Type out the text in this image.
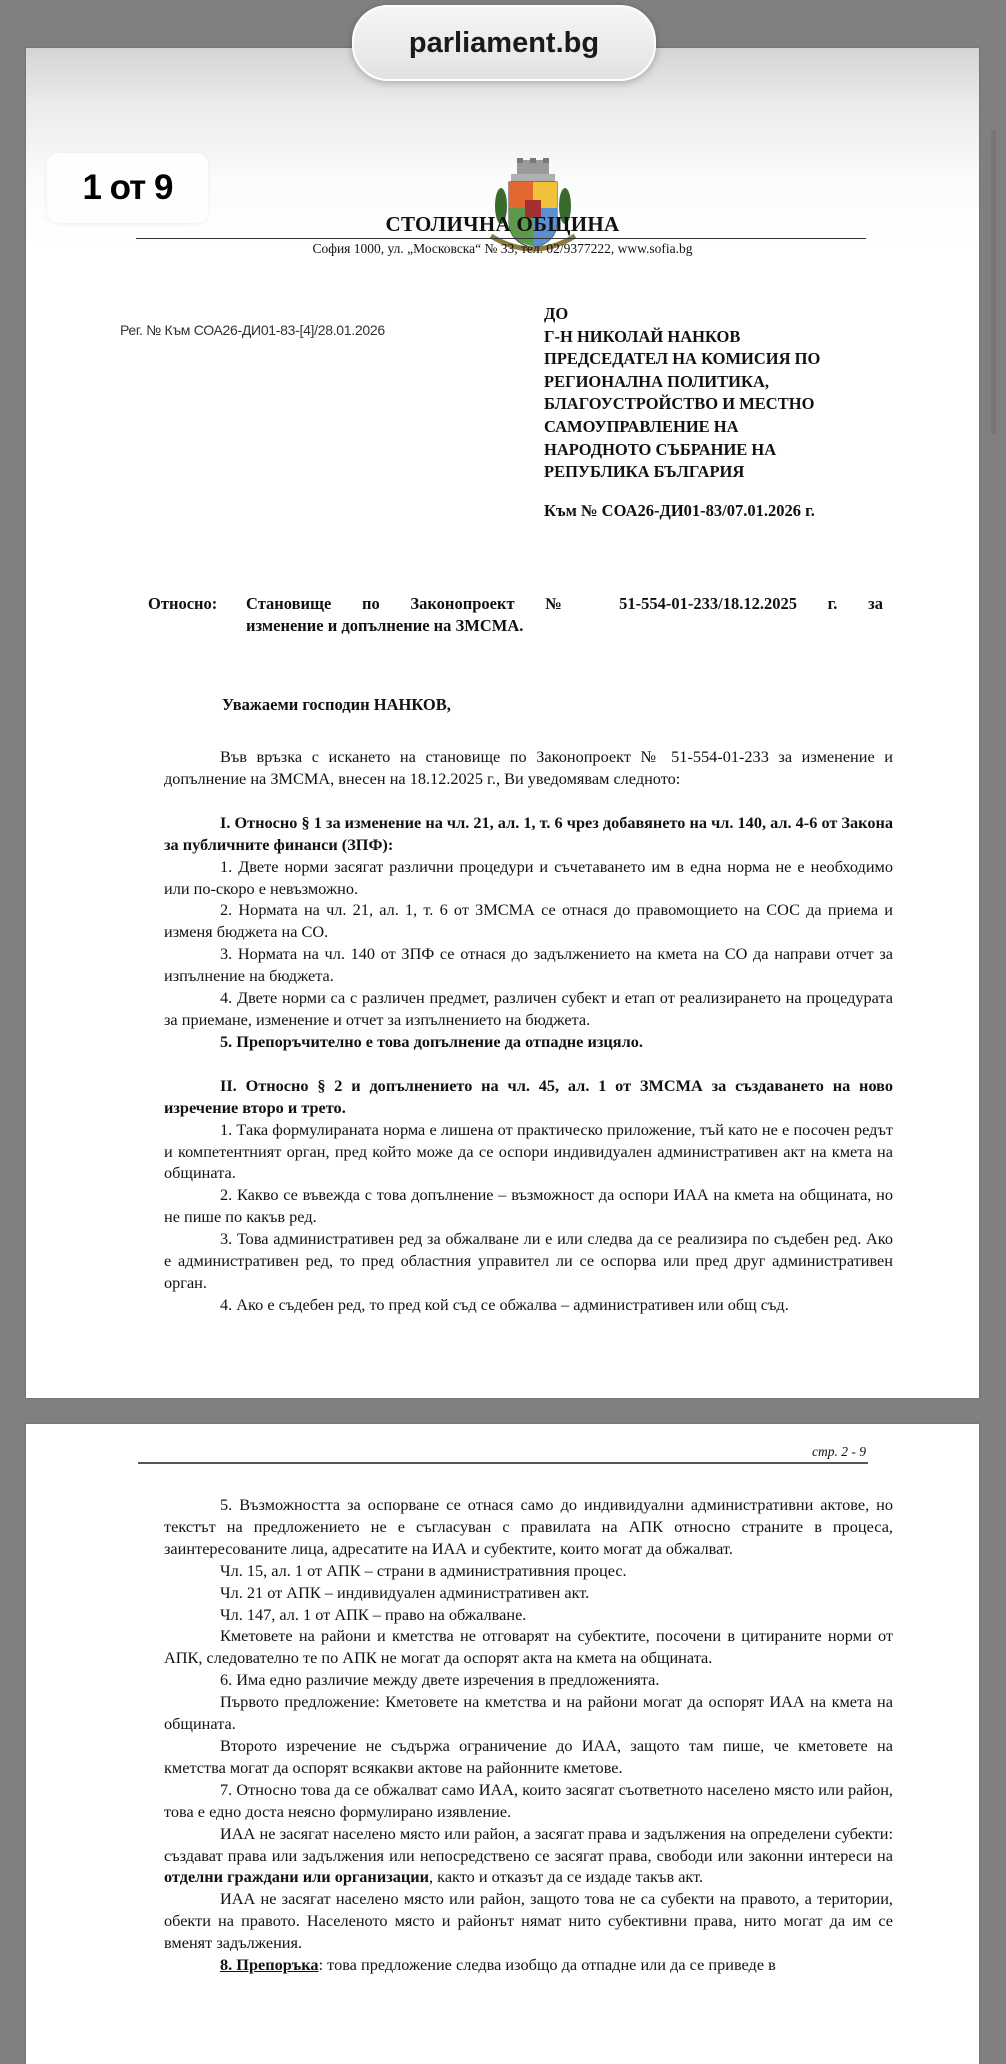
parliament.bg
1 от 9
СТОЛИЧНА ОБЩИНА
София 1000, ул. „Московска“ № 33, тел. 02/9377222, www.sofia.bg
Рег. № Към СОА26-ДИ01-83-[4]/28.01.2026
ДО
Г-Н НИКОЛАЙ НАНКОВ
ПРЕДСЕДАТЕЛ НА КОМИСИЯ ПО
РЕГИОНАЛНА ПОЛИТИКА,
БЛАГОУСТРОЙСТВО И МЕСТНО
САМОУПРАВЛЕНИЕ НА
НАРОДНОТО СЪБРАНИЕ НА
РЕПУБЛИКА БЪЛГАРИЯ
Към № СОА26-ДИ01-83/07.01.2026 г.
Относно: Становище по Законопроект № 51-554-01-233/18.12.2025 г. за
изменение и допълнение на ЗМСМА.
Уважаеми господин НАНКОВ,

Във връзка с искането на становище по Законопроект № 51-554-01-233 за изменение и допълнение на ЗМСМА, внесен на 18.12.2025 г., Ви уведомявам следното:

I. Относно § 1 за изменение на чл. 21, ал. 1, т. 6 чрез добавянето на чл. 140, ал. 4-6 от Закона за публичните финанси (ЗПФ):

1. Двете норми засягат различни процедури и съчетаването им в една норма не е необходимо или по-скоро е невъзможно.

2. Нормата на чл. 21, ал. 1, т. 6 от ЗМСМА се отнася до правомощието на СОС да приема и изменя бюджета на СО.

3. Нормата на чл. 140 от ЗПФ се отнася до задължението на кмета на СО да направи отчет за изпълнение на бюджета.

4. Двете норми са с различен предмет, различен субект и етап от реализирането на процедурата за приемане, изменение и отчет за изпълнението на бюджета.

5. Препоръчително е това допълнение да отпадне изцяло.

II. Относно § 2 и допълнението на чл. 45, ал. 1 от ЗМСМА за създаването на ново изречение второ и трето.

1. Така формулираната норма е лишена от практическо приложение, тъй като не е посочен редът и компетентният орган, пред който може да се оспори индивидуален административен акт на кмета на общината.

2. Какво се въвежда с това допълнение – възможност да оспори ИАА на кмета на общината, но не пише по какъв ред.

3. Това административен ред за обжалване ли е или следва да се реализира по съдебен ред. Ако е административен ред, то пред областния управител ли се оспорва или пред друг административен орган.

4. Ако е съдебен ред, то пред кой съд се обжалва – административен или общ съд.

стр. 2 - 9

5. Възможността за оспорване се отнася само до индивидуални административни актове, но текстът на предложението не е съгласуван с правилата на АПК относно страните в процеса, заинтересованите лица, адресатите на ИАА и субектите, които могат да обжалват.

Чл. 15, ал. 1 от АПК – страни в административния процес.

Чл. 21 от АПК – индивидуален административен акт.

Чл. 147, ал. 1 от АПК – право на обжалване.

Кметовете на райони и кметства не отговарят на субектите, посочени в цитираните норми от АПК, следователно те по АПК не могат да оспорят акта на кмета на общината.

6. Има едно различие между двете изречения в предложенията.

Първото предложение: Кметовете на кметства и на райони могат да оспорят ИАА на кмета на общината.

Второто изречение не съдържа ограничение до ИАА, защото там пише, че кметовете на кметства могат да оспорят всякакви актове на районните кметове.

7. Относно това да се обжалват само ИАА, които засягат съответното населено място или район, това е едно доста неясно формулирано изявление.

ИАА не засягат населено място или район, а засягат права и задължения на определени субекти: създават права или задължения или непосредствено се засягат права, свободи или законни интереси на отделни граждани или организации, както и отказът да се издаде такъв акт.

ИАА не засягат населено място или район, защото това не са субекти на правото, а територии, обекти на правото. Населеното място и районът нямат нито субективни права, нито могат да им се вменят задължения.

8. Препоръка: това предложение следва изобщо да отпадне или да се приведе в
